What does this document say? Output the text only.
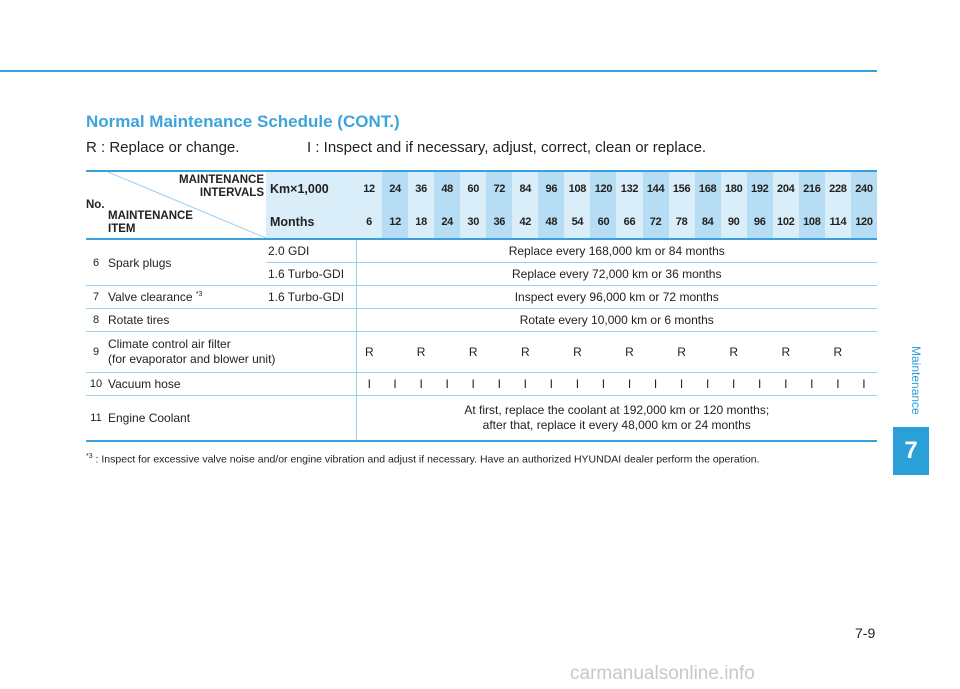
Maintenance
7
Normal Maintenance Schedule (CONT.)
R : Replace or change.	I : Inspect and if necessary, adjust, correct, clean or replace.
No.
MAINTENANCE
INTERVALS
MAINTENANCE
ITEM		Km×1,000	12	24	36	48	60	72	84	96	108	120	132	144	156	168	180	192	204	216	228	240
		Months	6	12	18	24	30	36	42	48	54	60	66	72	78	84	90	96	102	108	114	120
6	Spark plugs	2.0 GDI	Replace every 168,000 km or 84 months																			
		1.6 Turbo-GDI	Replace every 72,000 km or 36 months																			
7	Valve clearance $^{*3}$	1.6 Turbo-GDI	Inspect every 96,000 km or 72 months																			
8	Rotate tires		Rotate every 10,000 km or 6 months																			
9	Climate control air filter
(for evaporator and blower unit)		R		R		R		R		R		R		R		R		R		R	
10	Vacuum hose		I	I	I	I	I	I	I	I	I	I	I	I	I	I	I	I	I	I	I	I
11	Engine Coolant		At first, replace the coolant at 192,000 km or 120 months;
after that, replace it every 48,000 km or 24 months																			
$^{*3}$ : Inspect for excessive valve noise and/or engine vibration and adjust if necessary. Have an authorized HYUNDAI dealer perform the operation.
7-9
carmanualsonline.info
